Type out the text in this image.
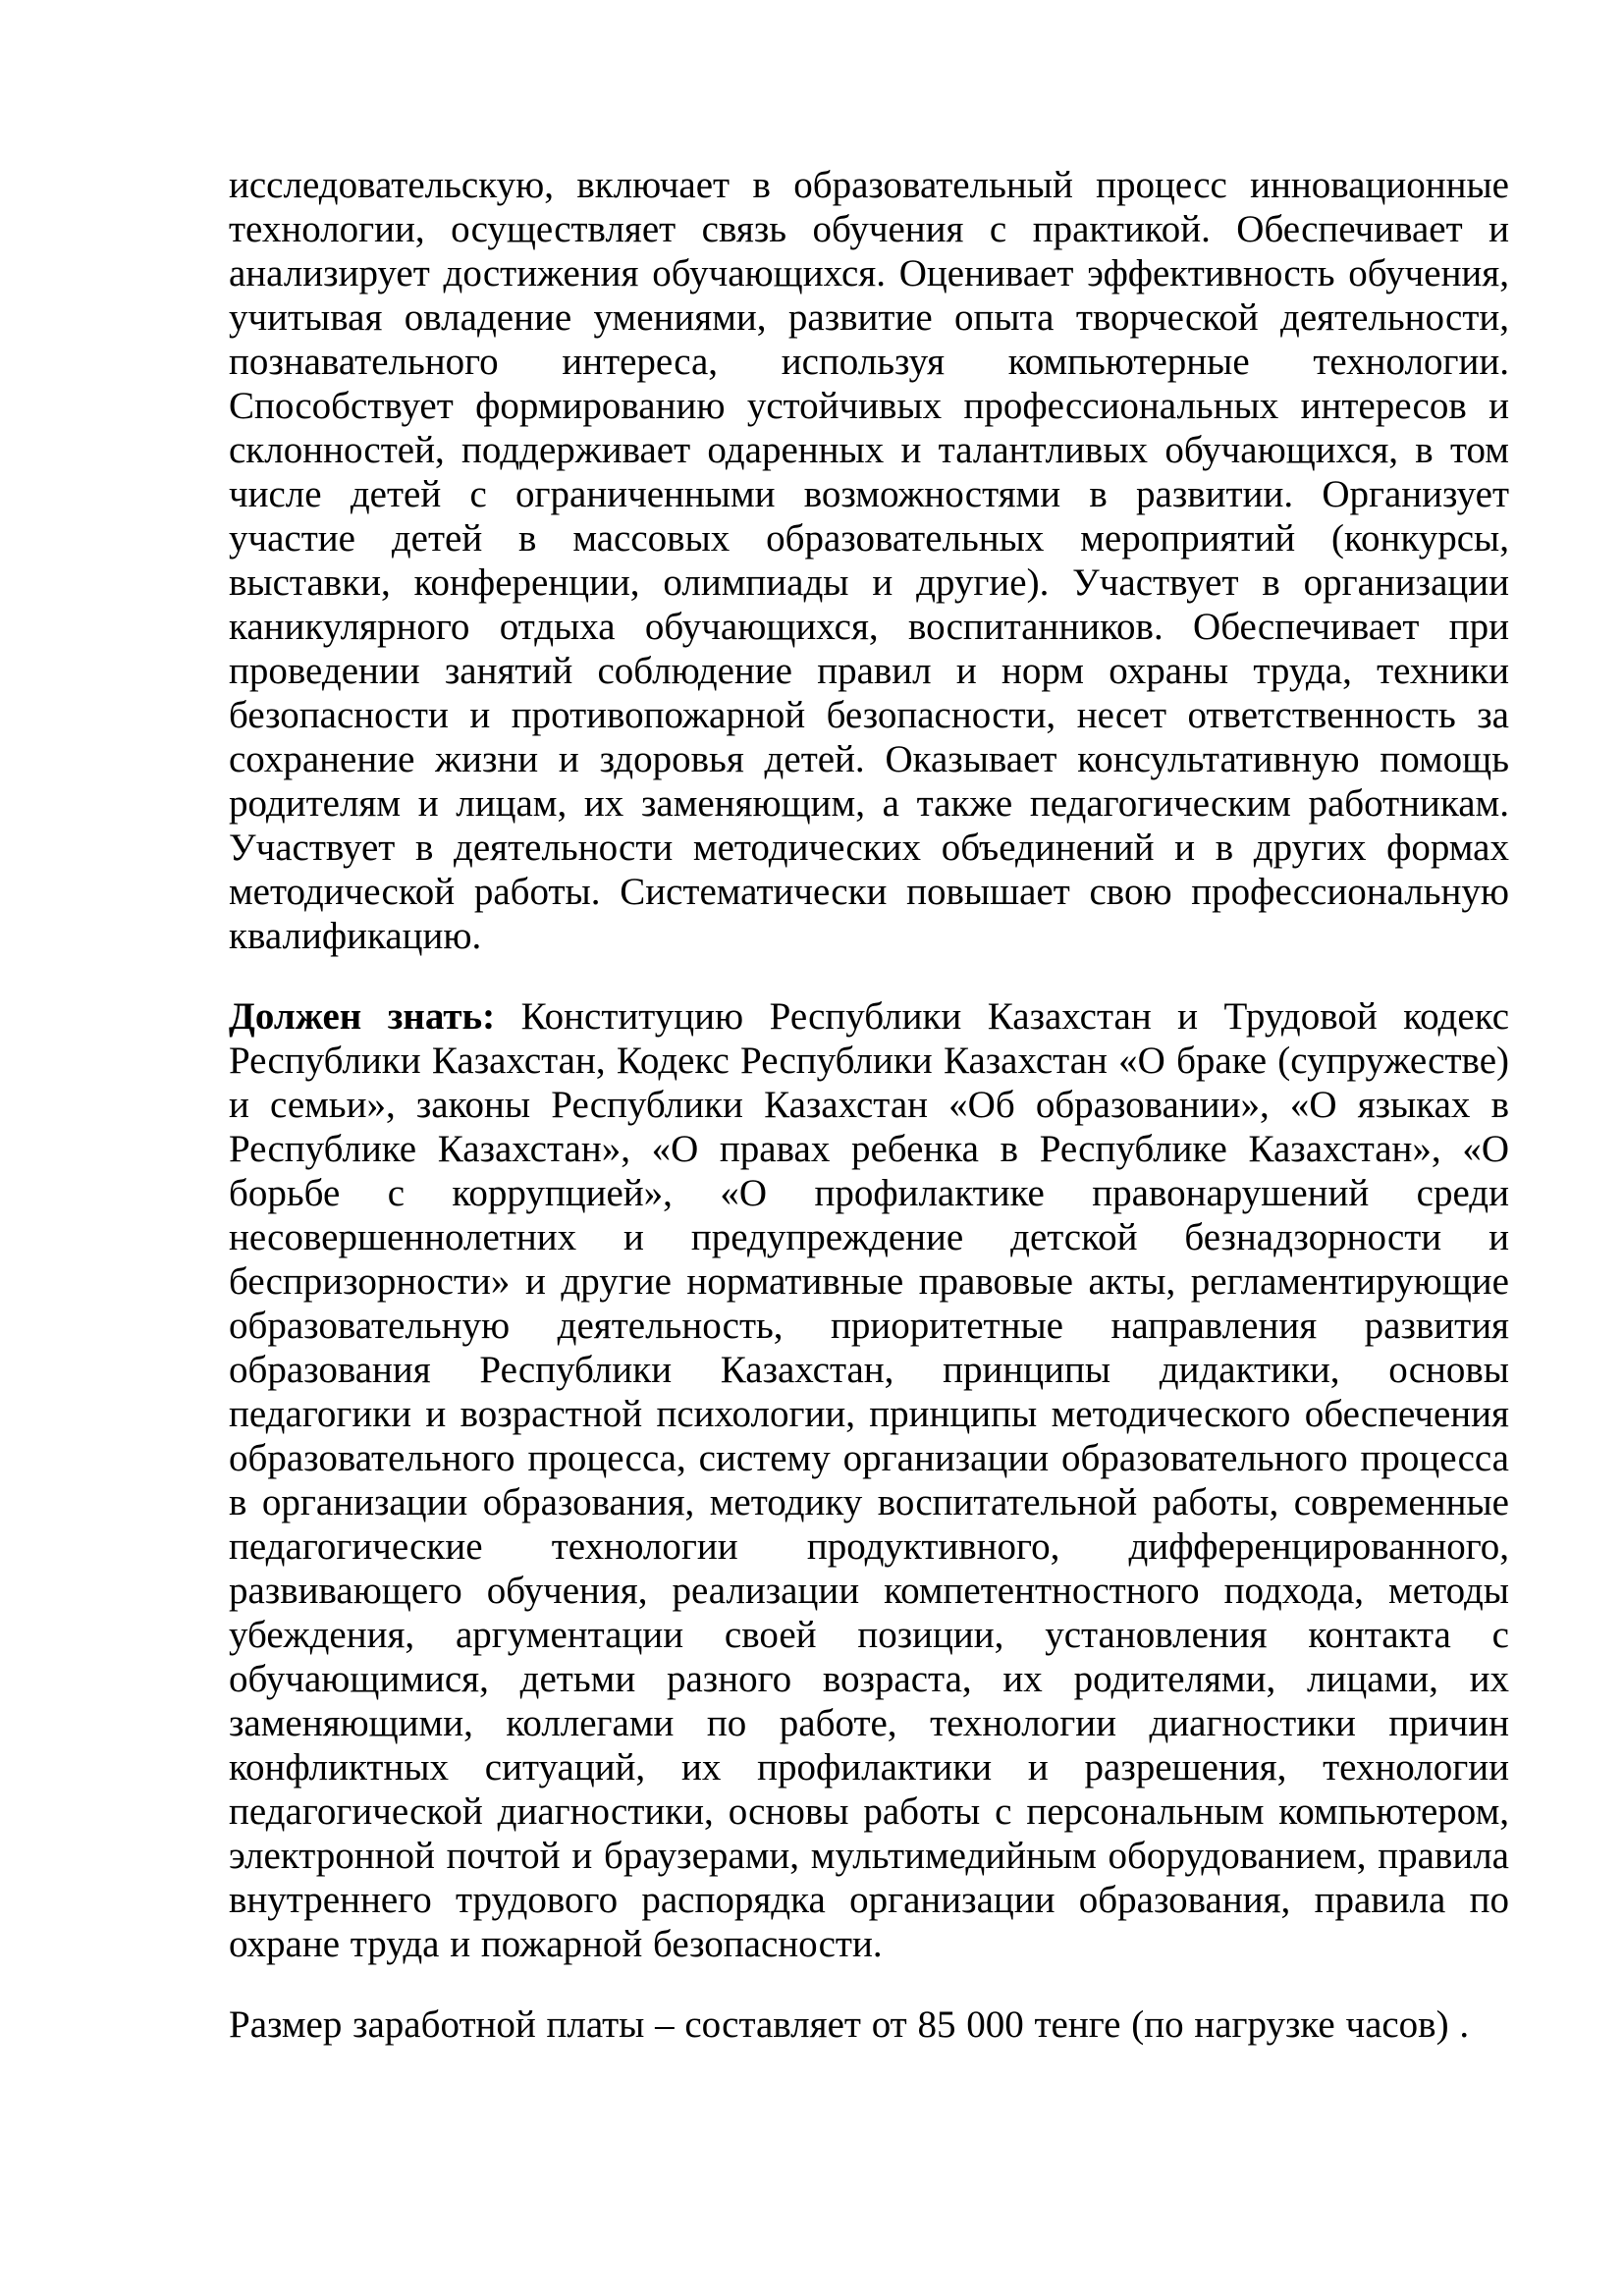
исследовательскую, включает в образовательный процесс инновационные технологии, осуществляет связь обучения с практикой. Обеспечивает и анализирует достижения обучающихся. Оценивает эффективность обучения, учитывая овладение умениями, развитие опыта творческой деятельности, познавательного интереса, используя компьютерные технологии. Способствует формированию устойчивых профессиональных интересов и склонностей, поддерживает одаренных и талантливых обучающихся, в том числе детей с ограниченными возможностями в развитии. Организует участие детей в массовых образовательных мероприятий (конкурсы, выставки, конференции, олимпиады и другие). Участвует в организации каникулярного отдыха обучающихся, воспитанников. Обеспечивает при проведении занятий соблюдение правил и норм охраны труда, техники безопасности и противопожарной безопасности, несет ответственность за сохранение жизни и здоровья детей. Оказывает консультативную помощь родителям и лицам, их заменяющим, а также педагогическим работникам. Участвует в деятельности методических объединений и в других формах методической работы. Систематически повышает свою профессиональную квалификацию.

Должен знать: Конституцию Республики Казахстан и Трудовой кодекс Республики Казахстан, Кодекс Республики Казахстан «О браке (супружестве) и семьи», законы Республики Казахстан «Об образовании», «О языках в Республике Казахстан», «О правах ребенка в Республике Казахстан», «О борьбе с коррупцией», «О профилактике правонарушений среди несовершеннолетних и предупреждение детской безнадзорности и беспризорности» и другие нормативные правовые акты, регламентирующие образовательную деятельность, приоритетные направления развития образования Республики Казахстан, принципы дидактики, основы педагогики и возрастной психологии, принципы методического обеспечения образовательного процесса, систему организации образовательного процесса в организации образования, методику воспитательной работы, современные педагогические технологии продуктивного, дифференцированного, развивающего обучения, реализации компетентностного подхода, методы убеждения, аргументации своей позиции, установления контакта с обучающимися, детьми разного возраста, их родителями, лицами, их заменяющими, коллегами по работе, технологии диагностики причин конфликтных ситуаций, их профилактики и разрешения, технологии педагогической диагностики, основы работы с персональным компьютером, электронной почтой и браузерами, мультимедийным оборудованием, правила внутреннего трудового распорядка организации образования, правила по охране труда и пожарной безопасности.

Размер заработной платы – составляет от 85 000 тенге (по нагрузке часов) .
